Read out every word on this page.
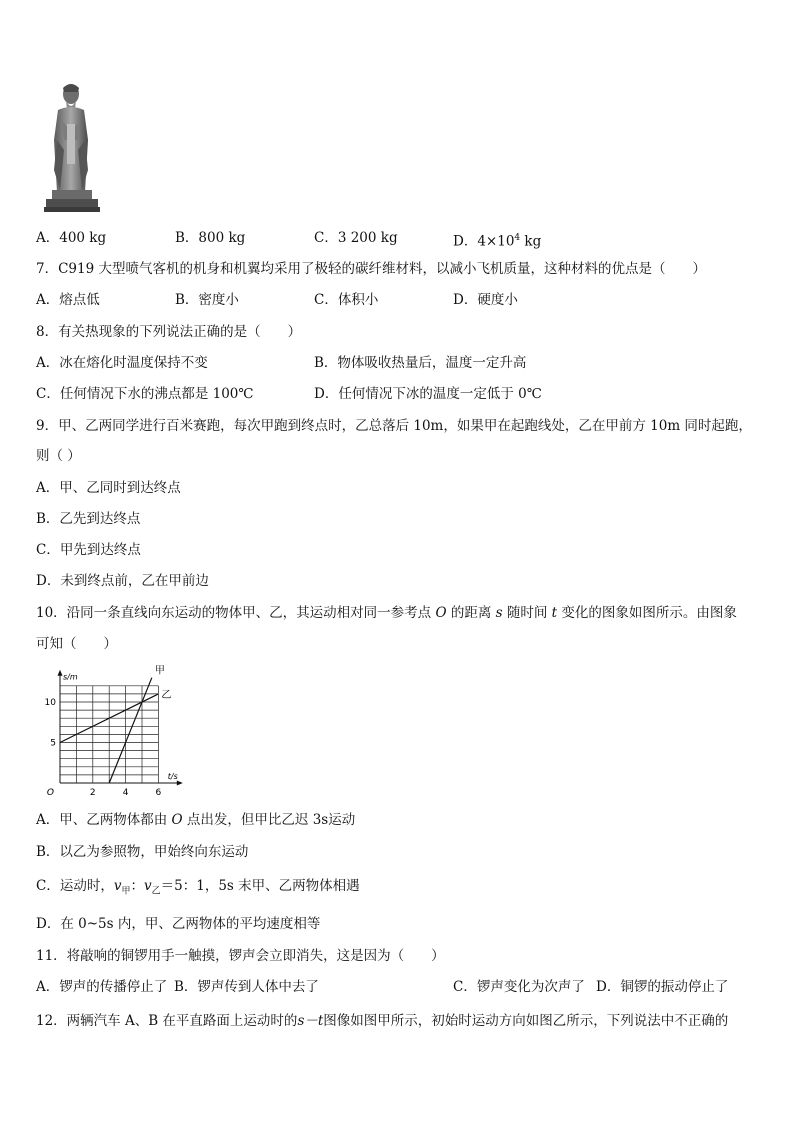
A．400 kg	B．800 kg	C．3 200 kg	D．$4\times 10^4$ kg
7．C919 大型喷气客机的机身和机翼均采用了极轻的碳纤维材料，以减小飞机质量，这种材料的优点是（　　）
A．熔点低	B．密度小	C．体积小	D．硬度小
8．有关热现象的下列说法正确的是（　　）
A．冰在熔化时温度保持不变	B．物体吸收热量后，温度一定升高
C．任何情况下水的沸点都是 100℃	D．任何情况下冰的温度一定低于 0℃
9．甲、乙两同学进行百米赛跑，每次甲跑到终点时，乙总落后 10m，如果甲在起跑线处，乙在甲前方 10m 同时起跑，
则（ ）
A．甲、乙同时到达终点
B．乙先到达终点
C．甲先到达终点
D．未到终点前，乙在甲前边
10．沿同一条直线向东运动的物体甲、乙，其运动相对同一参考点 O 的距离 s 随时间 t 变化的图象如图所示。由图象
可知（　　）
2	4	6
5
10
O
t/s
s/m
甲
乙
A．甲、乙两物体都由 O 点出发，但甲比乙迟 3s运动
B．以乙为参照物，甲始终向东运动
C．运动时，$v_甲$：$v_乙=5$：1，5s 末甲、乙两物体相遇
D．在 0~5s 内，甲、乙两物体的平均速度相等
11．将敲响的铜锣用手一触摸，锣声会立即消失，这是因为（　　）
A．锣声的传播停止了 B．锣声传到人体中去了	C．锣声变化为次声了 D．铜锣的振动停止了
12．两辆汽车 A、B 在平直路面上运动时的s－t图像如图甲所示，初始时运动方向如图乙所示，下列说法中不正确的
